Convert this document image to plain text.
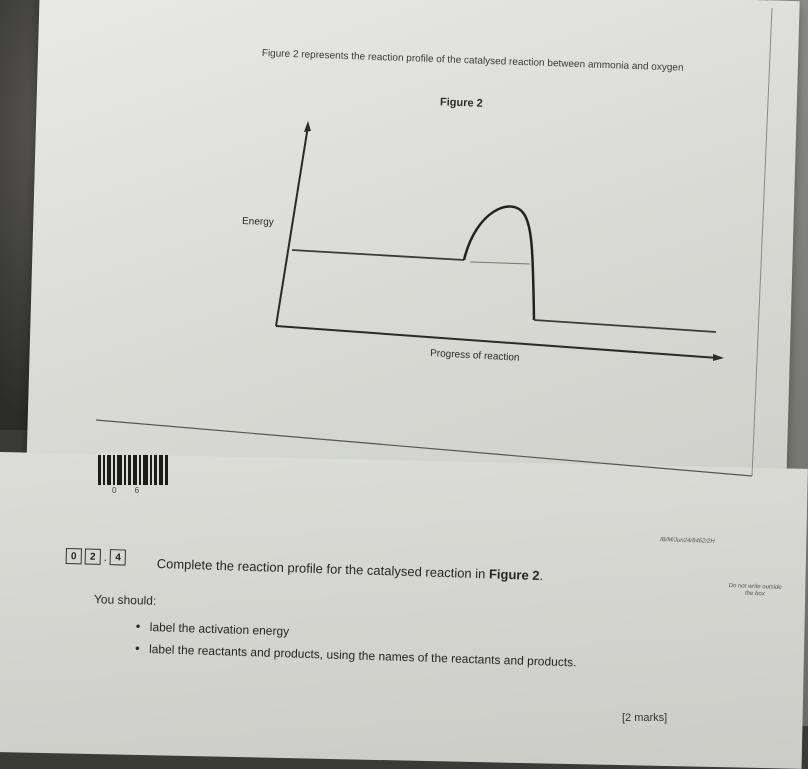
Figure 2 represents the reaction profile of the catalysed reaction between ammonia and oxygen
Figure 2
Energy
Progress of reaction
0 6
IB/M/Jun24/8462/2H
0	2 . 4	Complete the reaction profile for the catalysed reaction in Figure 2.
You should:
• label the activation energy
• label the reactants and products, using the names of the reactants and products.
Do not write outside the box
[2 marks]
